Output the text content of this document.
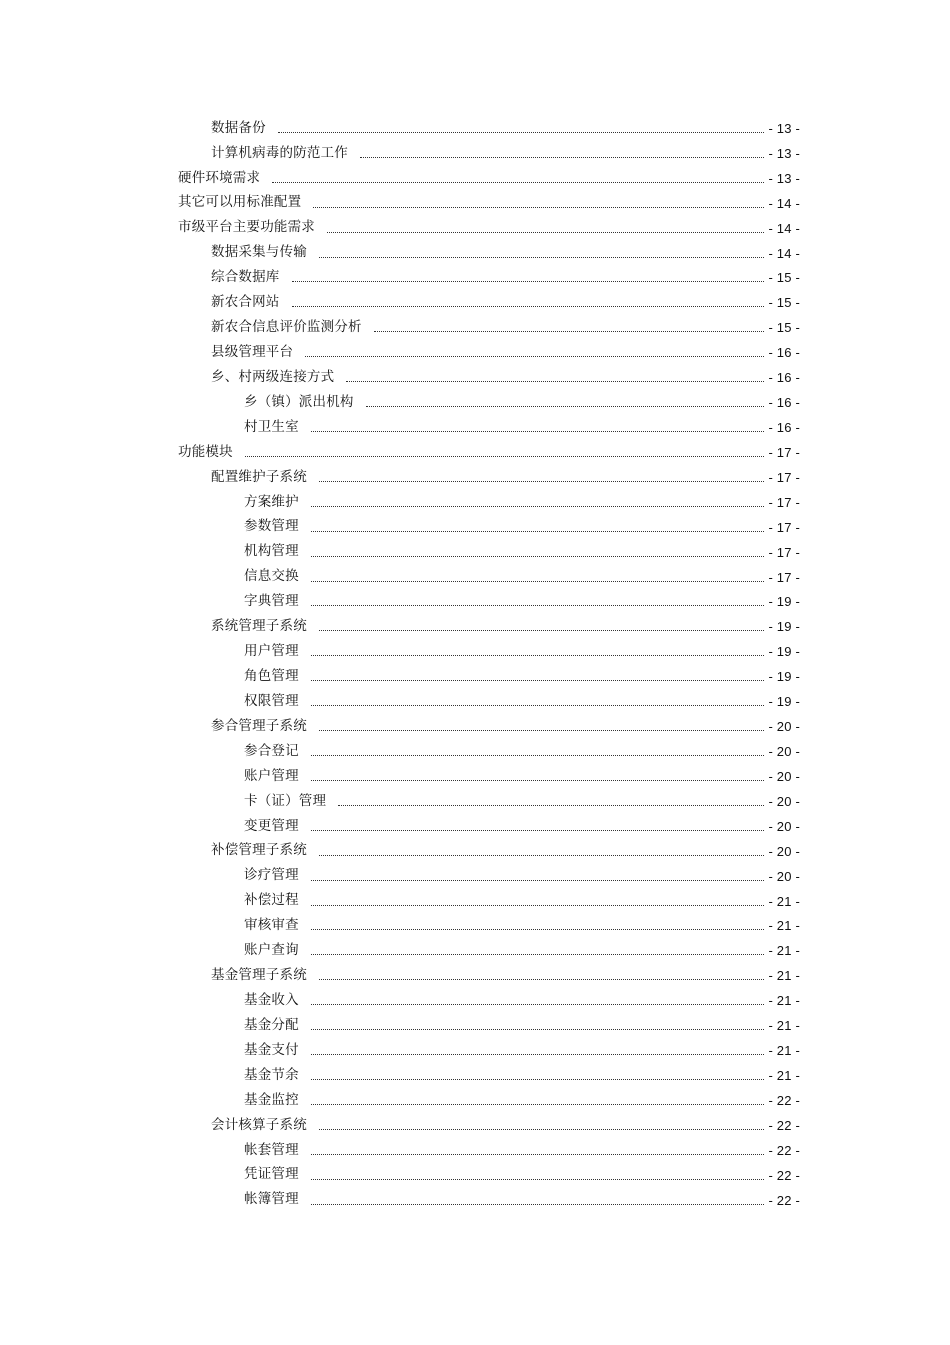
数据备份	- 13 -
计算机病毒的防范工作	- 13 -
硬件环境需求	- 13 -
其它可以用标准配置	- 14 -
市级平台主要功能需求	- 14 -
数据采集与传输	- 14 -
综合数据库	- 15 -
新农合网站	- 15 -
新农合信息评价监测分析	- 15 -
县级管理平台	- 16 -
乡、村两级连接方式	- 16 -
乡（镇）派出机构	- 16 -
村卫生室	- 16 -
功能模块	- 17 -
配置维护子系统	- 17 -
方案维护	- 17 -
参数管理	- 17 -
机构管理	- 17 -
信息交换	- 17 -
字典管理	- 19 -
系统管理子系统	- 19 -
用户管理	- 19 -
角色管理	- 19 -
权限管理	- 19 -
参合管理子系统	- 20 -
参合登记	- 20 -
账户管理	- 20 -
卡（证）管理	- 20 -
变更管理	- 20 -
补偿管理子系统	- 20 -
诊疗管理	- 20 -
补偿过程	- 21 -
审核审查	- 21 -
账户查询	- 21 -
基金管理子系统	- 21 -
基金收入	- 21 -
基金分配	- 21 -
基金支付	- 21 -
基金节余	- 21 -
基金监控	- 22 -
会计核算子系统	- 22 -
帐套管理	- 22 -
凭证管理	- 22 -
帐簿管理	- 22 -
